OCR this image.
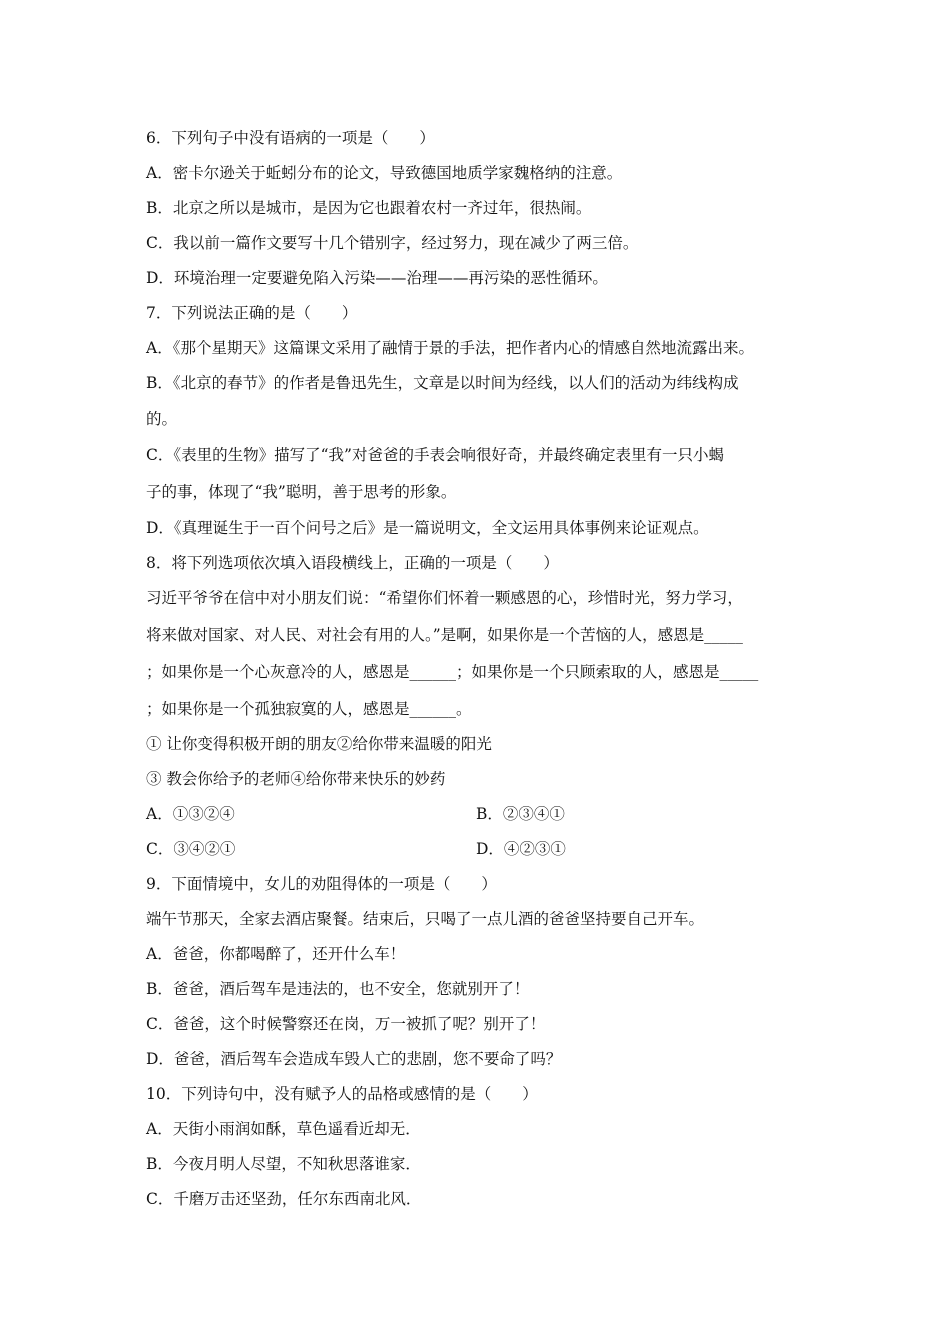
6．下列句子中没有语病的一项是（　　）
A．密卡尔逊关于蚯蚓分布的论文，导致德国地质学家魏格纳的注意。
B．北京之所以是城市，是因为它也跟着农村一齐过年，很热闹。
C．我以前一篇作文要写十几个错别字，经过努力，现在减少了两三倍。
D．环境治理一定要避免陷入污染——治理——再污染的恶性循环。
7．下列说法正确的是（　　）
A．《那个星期天》这篇课文采用了融情于景的手法，把作者内心的情感自然地流露出来。
B．《北京的春节》的作者是鲁迅先生，文章是以时间为经线，以人们的活动为纬线构成
的。
C．《表里的生物》描写了“我”对爸爸的手表会响很好奇，并最终确定表里有一只小蝎
子的事，体现了“我”聪明，善于思考的形象。
D．《真理诞生于一百个问号之后》是一篇说明文，全文运用具体事例来论证观点。
8．将下列选项依次填入语段横线上，正确的一项是（　　）
习近平爷爷在信中对小朋友们说：“希望你们怀着一颗感恩的心，珍惜时光，努力学习，
将来做对国家、对人民、对社会有用的人。”是啊，如果你是一个苦恼的人，感恩是_____
；如果你是一个心灰意冷的人，感恩是______；如果你是一个只顾索取的人，感恩是_____
；如果你是一个孤独寂寞的人，感恩是______。
① 让你变得积极开朗的朋友②给你带来温暖的阳光
③ 教会你给予的老师④给你带来快乐的妙药
A．①③②④	B．②③④①
C．③④②①	D．④②③①
9．下面情境中，女儿的劝阻得体的一项是（　　）
端午节那天，全家去酒店聚餐。结束后，只喝了一点儿酒的爸爸坚持要自己开车。
A．爸爸，你都喝醉了，还开什么车！
B．爸爸，酒后驾车是违法的，也不安全，您就别开了！
C．爸爸，这个时候警察还在岗，万一被抓了呢？别开了！
D．爸爸，酒后驾车会造成车毁人亡的悲剧，您不要命了吗？
10．下列诗句中，没有赋予人的品格或感情的是（　　）
A．天街小雨润如酥，草色遥看近却无．
B．今夜月明人尽望，不知秋思落谁家．
C．千磨万击还坚劲，任尔东西南北风．
